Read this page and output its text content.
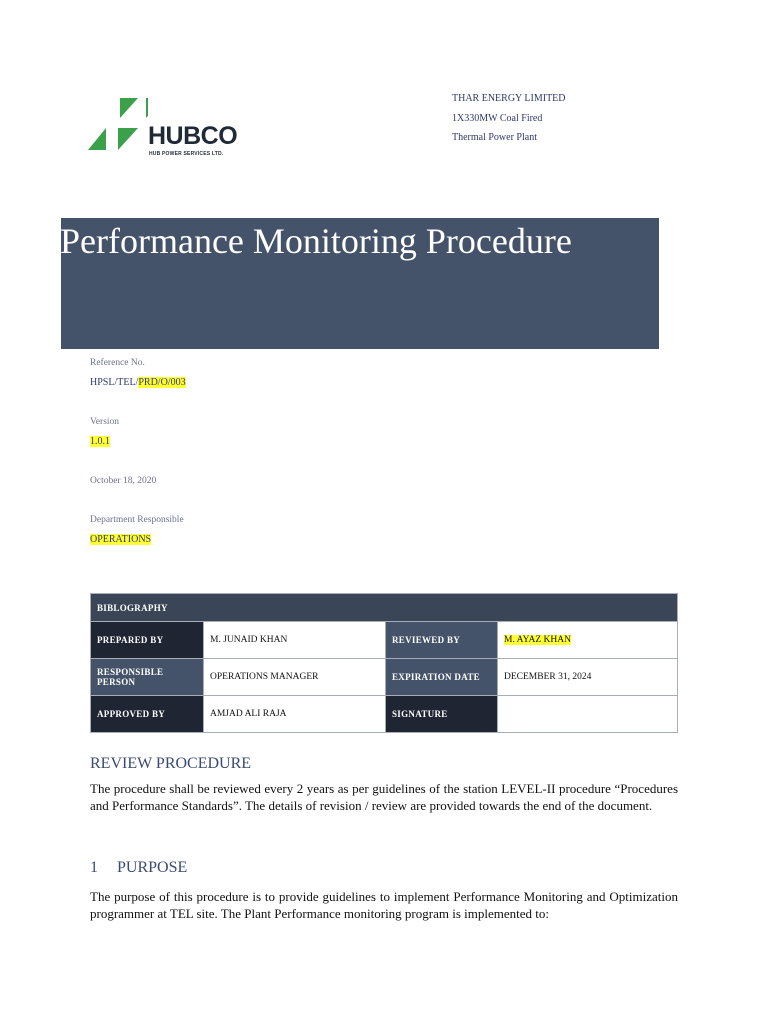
HUBCO
HUB POWER SERVICES LTD.
THAR ENERGY LIMITED
1X330MW Coal Fired
Thermal Power Plant
Performance Monitoring Procedure
Reference No.
HPSL/TEL/PRD/O/003
Version
1.0.1
October 18, 2020
Department Responsible
OPERATIONS
BIBLOGRAPHY			
PREPARED BY	M. JUNAID KHAN	REVIEWED BY	M. AYAZ KHAN
RESPONSIBLE PERSON	OPERATIONS MANAGER	EXPIRATION DATE	DECEMBER 31, 2024
APPROVED BY	AMJAD ALI RAJA	SIGNATURE	
REVIEW PROCEDURE
The procedure shall be reviewed every 2 years as per guidelines of the station LEVEL-II procedure “Procedures and Performance Standards”. The details of revision / review are provided towards the end of the document.
1 PURPOSE
The purpose of this procedure is to provide guidelines to implement Performance Monitoring and Optimization programmer at TEL site. The Plant Performance monitoring program is implemented to:
